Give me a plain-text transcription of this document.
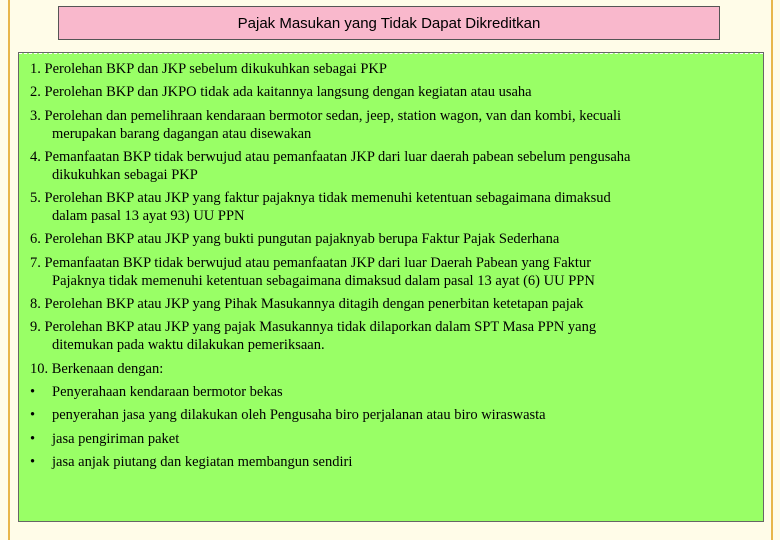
Pajak Masukan yang Tidak Dapat Dikreditkan
1. Perolehan BKP dan JKP sebelum dikukuhkan sebagai PKP
2. Perolehan BKP dan JKPO tidak ada kaitannya langsung dengan kegiatan atau usaha
3. Perolehan dan pemelihraan kendaraan bermotor sedan, jeep, station wagon, van dan kombi, kecuali
merupakan barang dagangan atau disewakan
4. Pemanfaatan BKP tidak berwujud atau pemanfaatan JKP dari luar daerah pabean sebelum pengusaha
dikukuhkan sebagai PKP
5. Perolehan BKP atau JKP yang faktur pajaknya tidak memenuhi ketentuan sebagaimana dimaksud
dalam pasal 13 ayat 93) UU PPN
6. Perolehan BKP atau JKP yang bukti pungutan pajaknyab berupa Faktur Pajak Sederhana
7. Pemanfaatan BKP tidak berwujud atau pemanfaatan JKP dari luar Daerah Pabean yang Faktur
Pajaknya tidak memenuhi ketentuan sebagaimana dimaksud dalam pasal 13 ayat (6) UU PPN
8. Perolehan BKP atau JKP yang Pihak Masukannya ditagih dengan penerbitan ketetapan pajak
9. Perolehan BKP atau JKP yang pajak Masukannya tidak dilaporkan dalam SPT Masa PPN yang
ditemukan pada waktu dilakukan pemeriksaan.
10. Berkenaan dengan:
•	Penyerahaan kendaraan bermotor bekas
•	penyerahan jasa yang dilakukan oleh Pengusaha biro perjalanan atau biro wiraswasta
•	jasa pengiriman paket
•	jasa anjak piutang dan kegiatan membangun sendiri
